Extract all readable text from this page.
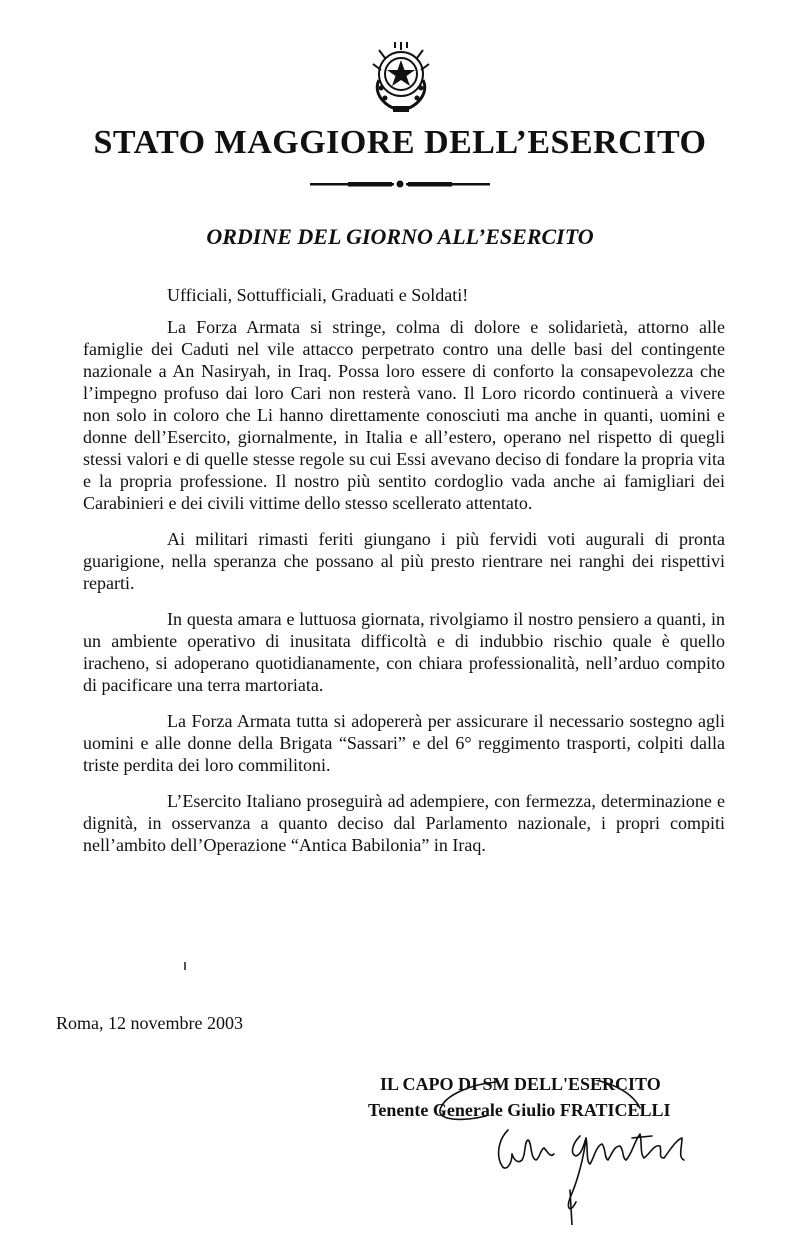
STATO MAGGIORE DELL’ESERCITO
ORDINE DEL GIORNO ALL’ESERCITO

Ufficiali, Sottufficiali, Graduati e Soldati!

La Forza Armata si stringe, colma di dolore e solidarietà, attorno alle famiglie dei Caduti nel vile attacco perpetrato contro una delle basi del contingente nazionale a An Nasiryah, in Iraq. Possa loro essere di conforto la consapevolezza che l’impegno profuso dai loro Cari non resterà vano. Il Loro ricordo continuerà a vivere non solo in coloro che Li hanno direttamente conosciuti ma anche in quanti, uomini e donne dell’Esercito, giornalmente, in Italia e all’estero, operano nel rispetto di quegli stessi valori e di quelle stesse regole su cui Essi avevano deciso di fondare la propria vita e la propria professione. Il nostro più sentito cordoglio vada anche ai famigliari dei Carabinieri e dei civili vittime dello stesso scellerato attentato.

Ai militari rimasti feriti giungano i più fervidi voti augurali di pronta guarigione, nella speranza che possano al più presto rientrare nei ranghi dei rispettivi reparti.

In questa amara e luttuosa giornata, rivolgiamo il nostro pensiero a quanti, in un ambiente operativo di inusitata difficoltà e di indubbio rischio quale è quello iracheno, si adoperano quotidianamente, con chiara professionalità, nell’arduo compito di pacificare una terra martoriata.

La Forza Armata tutta si adopererà per assicurare il necessario sostegno agli uomini e alle donne della Brigata “Sassari” e del 6° reggimento trasporti, colpiti dalla triste perdita dei loro commilitoni.

L’Esercito Italiano proseguirà ad adempiere, con fermezza, determinazione e dignità, in osservanza a quanto deciso dal Parlamento nazionale, i propri compiti nell’ambito dell’Operazione “Antica Babilonia” in Iraq.

Roma, 12 novembre 2003
IL CAPO DI SM DELL'ESERCITO
Tenente Generale Giulio FRATICELLI
